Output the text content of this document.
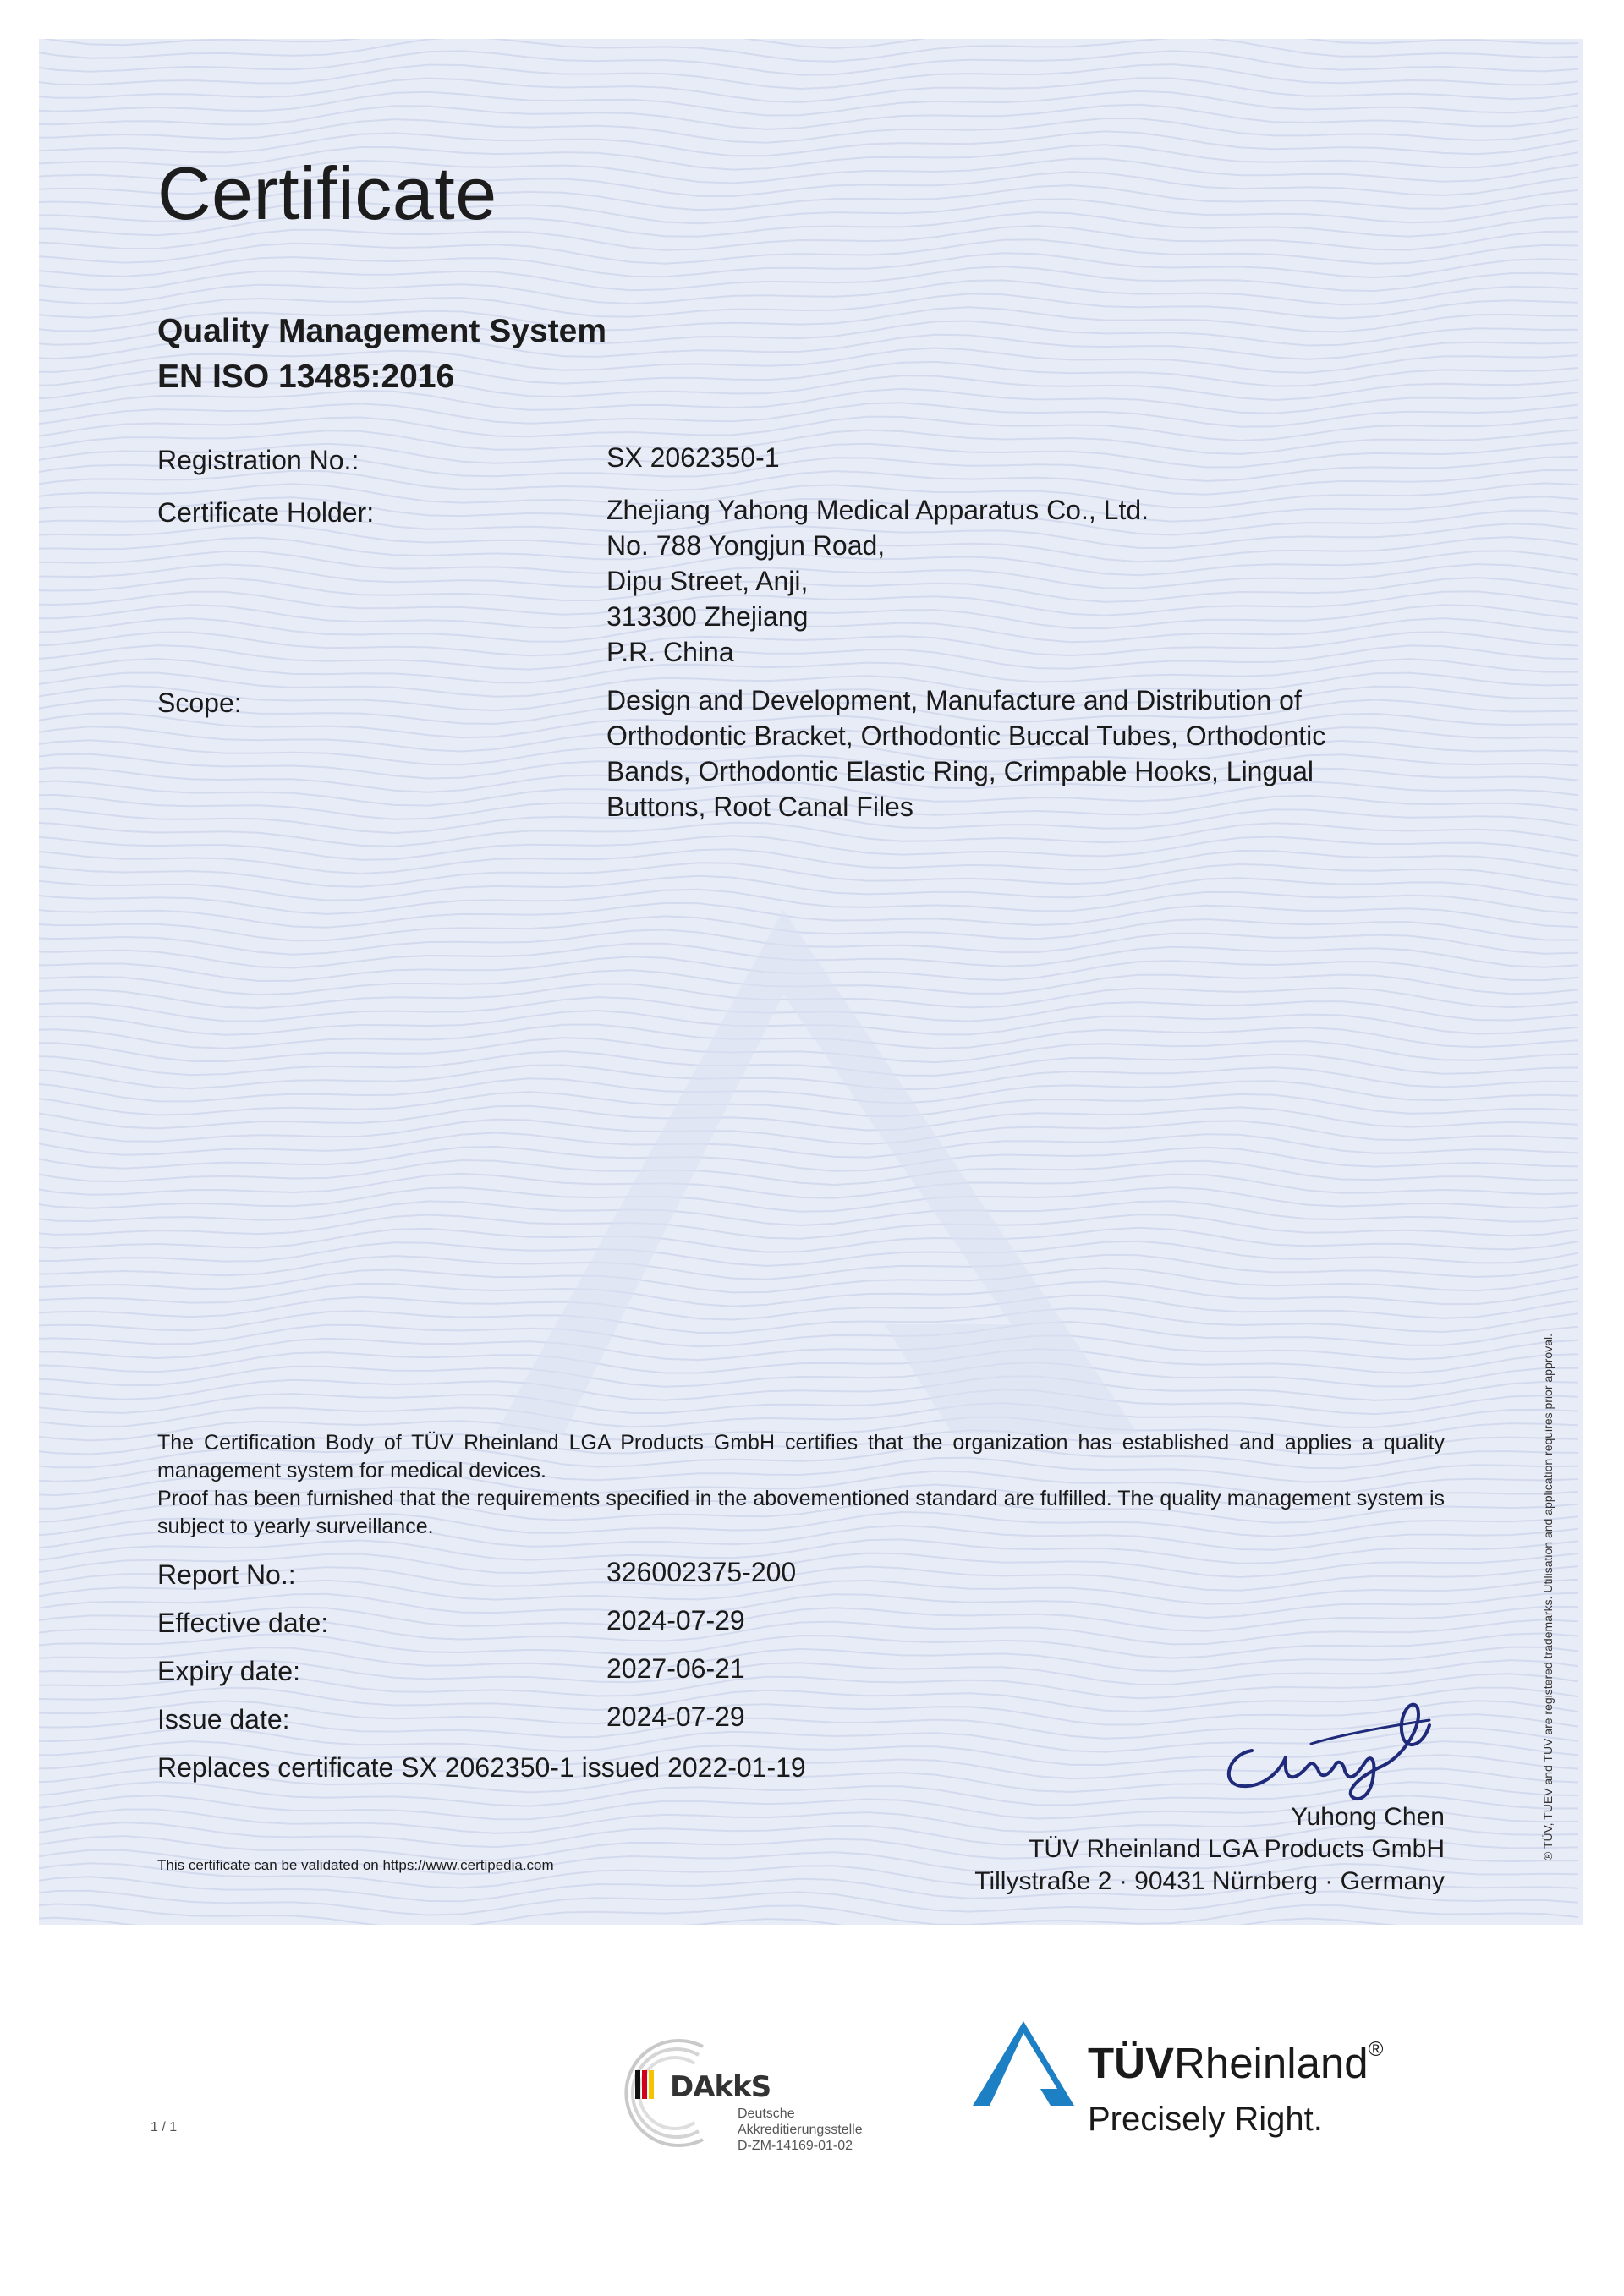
Certificate
Quality Management System
EN ISO 13485:2016
Registration No.:	SX 2062350-1
Certificate Holder:	Zhejiang Yahong Medical Apparatus Co., Ltd.
No. 788 Yongjun Road,
Dipu Street, Anji,
313300 Zhejiang
P.R. China
Scope:	Design and Development, Manufacture and Distribution of
Orthodontic Bracket, Orthodontic Buccal Tubes, Orthodontic
Bands, Orthodontic Elastic Ring, Crimpable Hooks, Lingual
Buttons, Root Canal Files

The Certification Body of TÜV Rheinland LGA Products GmbH certifies that the organization has established and applies a quality management system for medical devices.

Proof has been furnished that the requirements specified in the abovementioned standard are fulfilled. The quality management system is subject to yearly surveillance.

Report No.:	326002375-200
Effective date:	2024-07-29
Expiry date:	2027-06-21
Issue date:	2024-07-29
Replaces certificate SX 2062350-1 issued 2022-01-19
Yuhong Chen
TÜV Rheinland LGA Products GmbH
Tillystraße 2 · 90431 Nürnberg · Germany
This certificate can be validated on https://www.certipedia.com
® TÜV, TUEV and TUV are registered trademarks. Utilisation and application requires prior approval.
1 / 1
DAkkS
Deutsche
Akkreditierungsstelle
D-ZM-14169-01-02
TÜVRheinland®
Precisely Right.
